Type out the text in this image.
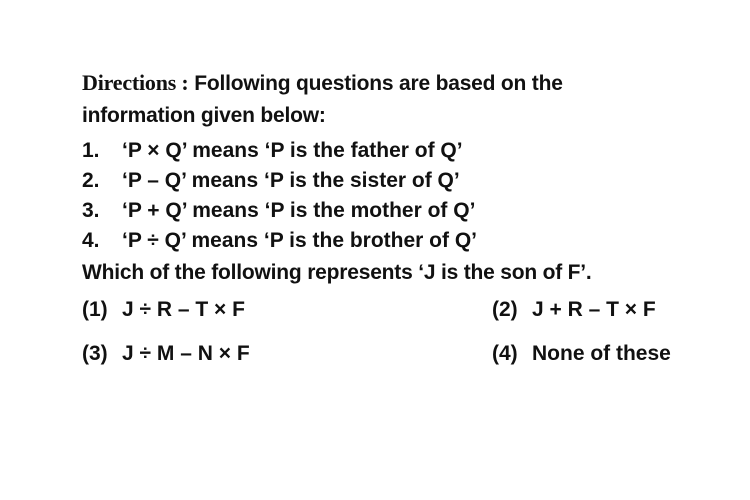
Directions : Following questions are based on the
information given below:
1. ‘P × Q’ means ‘P is the father of Q’
2. ‘P – Q’ means ‘P is the sister of Q’
3. ‘P + Q’ means ‘P is the mother of Q’
4. ‘P ÷ Q’ means ‘P is the brother of Q’
Which of the following represents ‘J is the son of F’.
(1) J ÷ R – T × F	(2) J + R – T × F
(3) J ÷ M – N × F	(4) None of these
